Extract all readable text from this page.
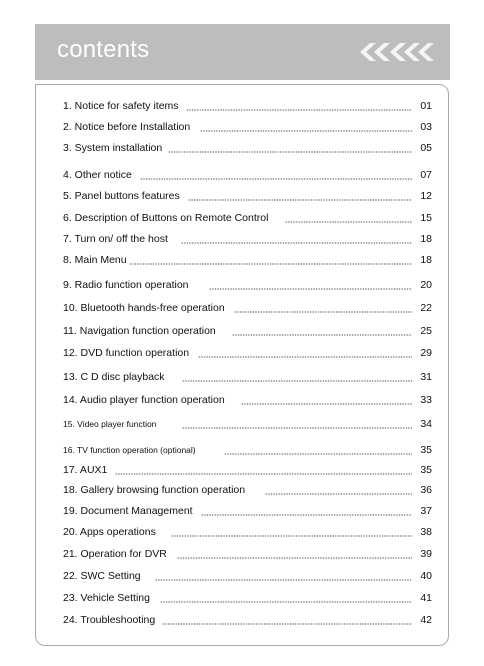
contents
1. Notice for safety items	01
2. Notice before Installation	03
3. System installation	05
4. Other notice	07
5. Panel buttons features	12
6. Description of Buttons on Remote Control	15
7. Turn on/ off the host	18
8. Main Menu	18
9. Radio function operation	20
10. Bluetooth hands-free operation	22
11. Navigation function operation	25
12. DVD function operation	29
13. C D disc playback	31
14. Audio player function operation	33
15. Video player function	34
16. TV function operation (optional)	35
17. AUX1	35
18. Gallery browsing function operation	36
19. Document Management	37
20. Apps operations	38
21. Operation for DVR	39
22. SWC Setting	40
23. Vehicle Setting	41
24. Troubleshooting	42
